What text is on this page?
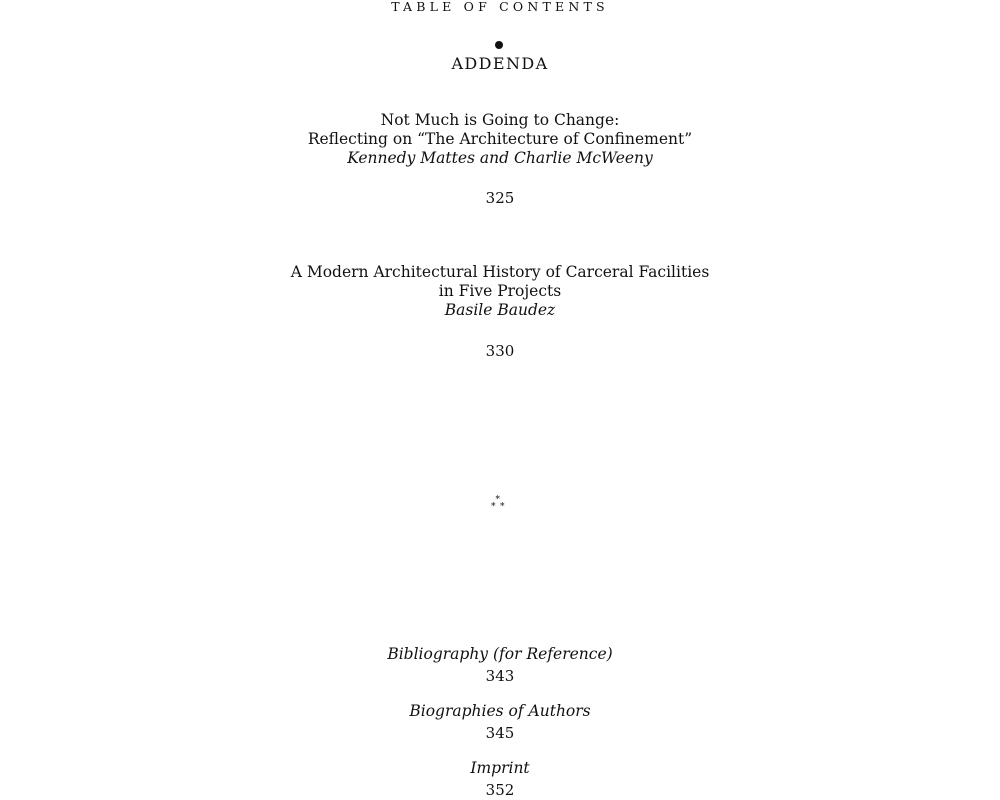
TABLE OF CONTENTS
ADDENDA
Not Much is Going to Change:
Reflecting on “The Architecture of Confinement”
Kennedy Mattes and Charlie McWeeny
325
A Modern Architectural History of Carceral Facilities
in Five Projects
Basile Baudez
330
*
* *
Bibliography (for Reference)
343
Biographies of Authors
345
Imprint
352
